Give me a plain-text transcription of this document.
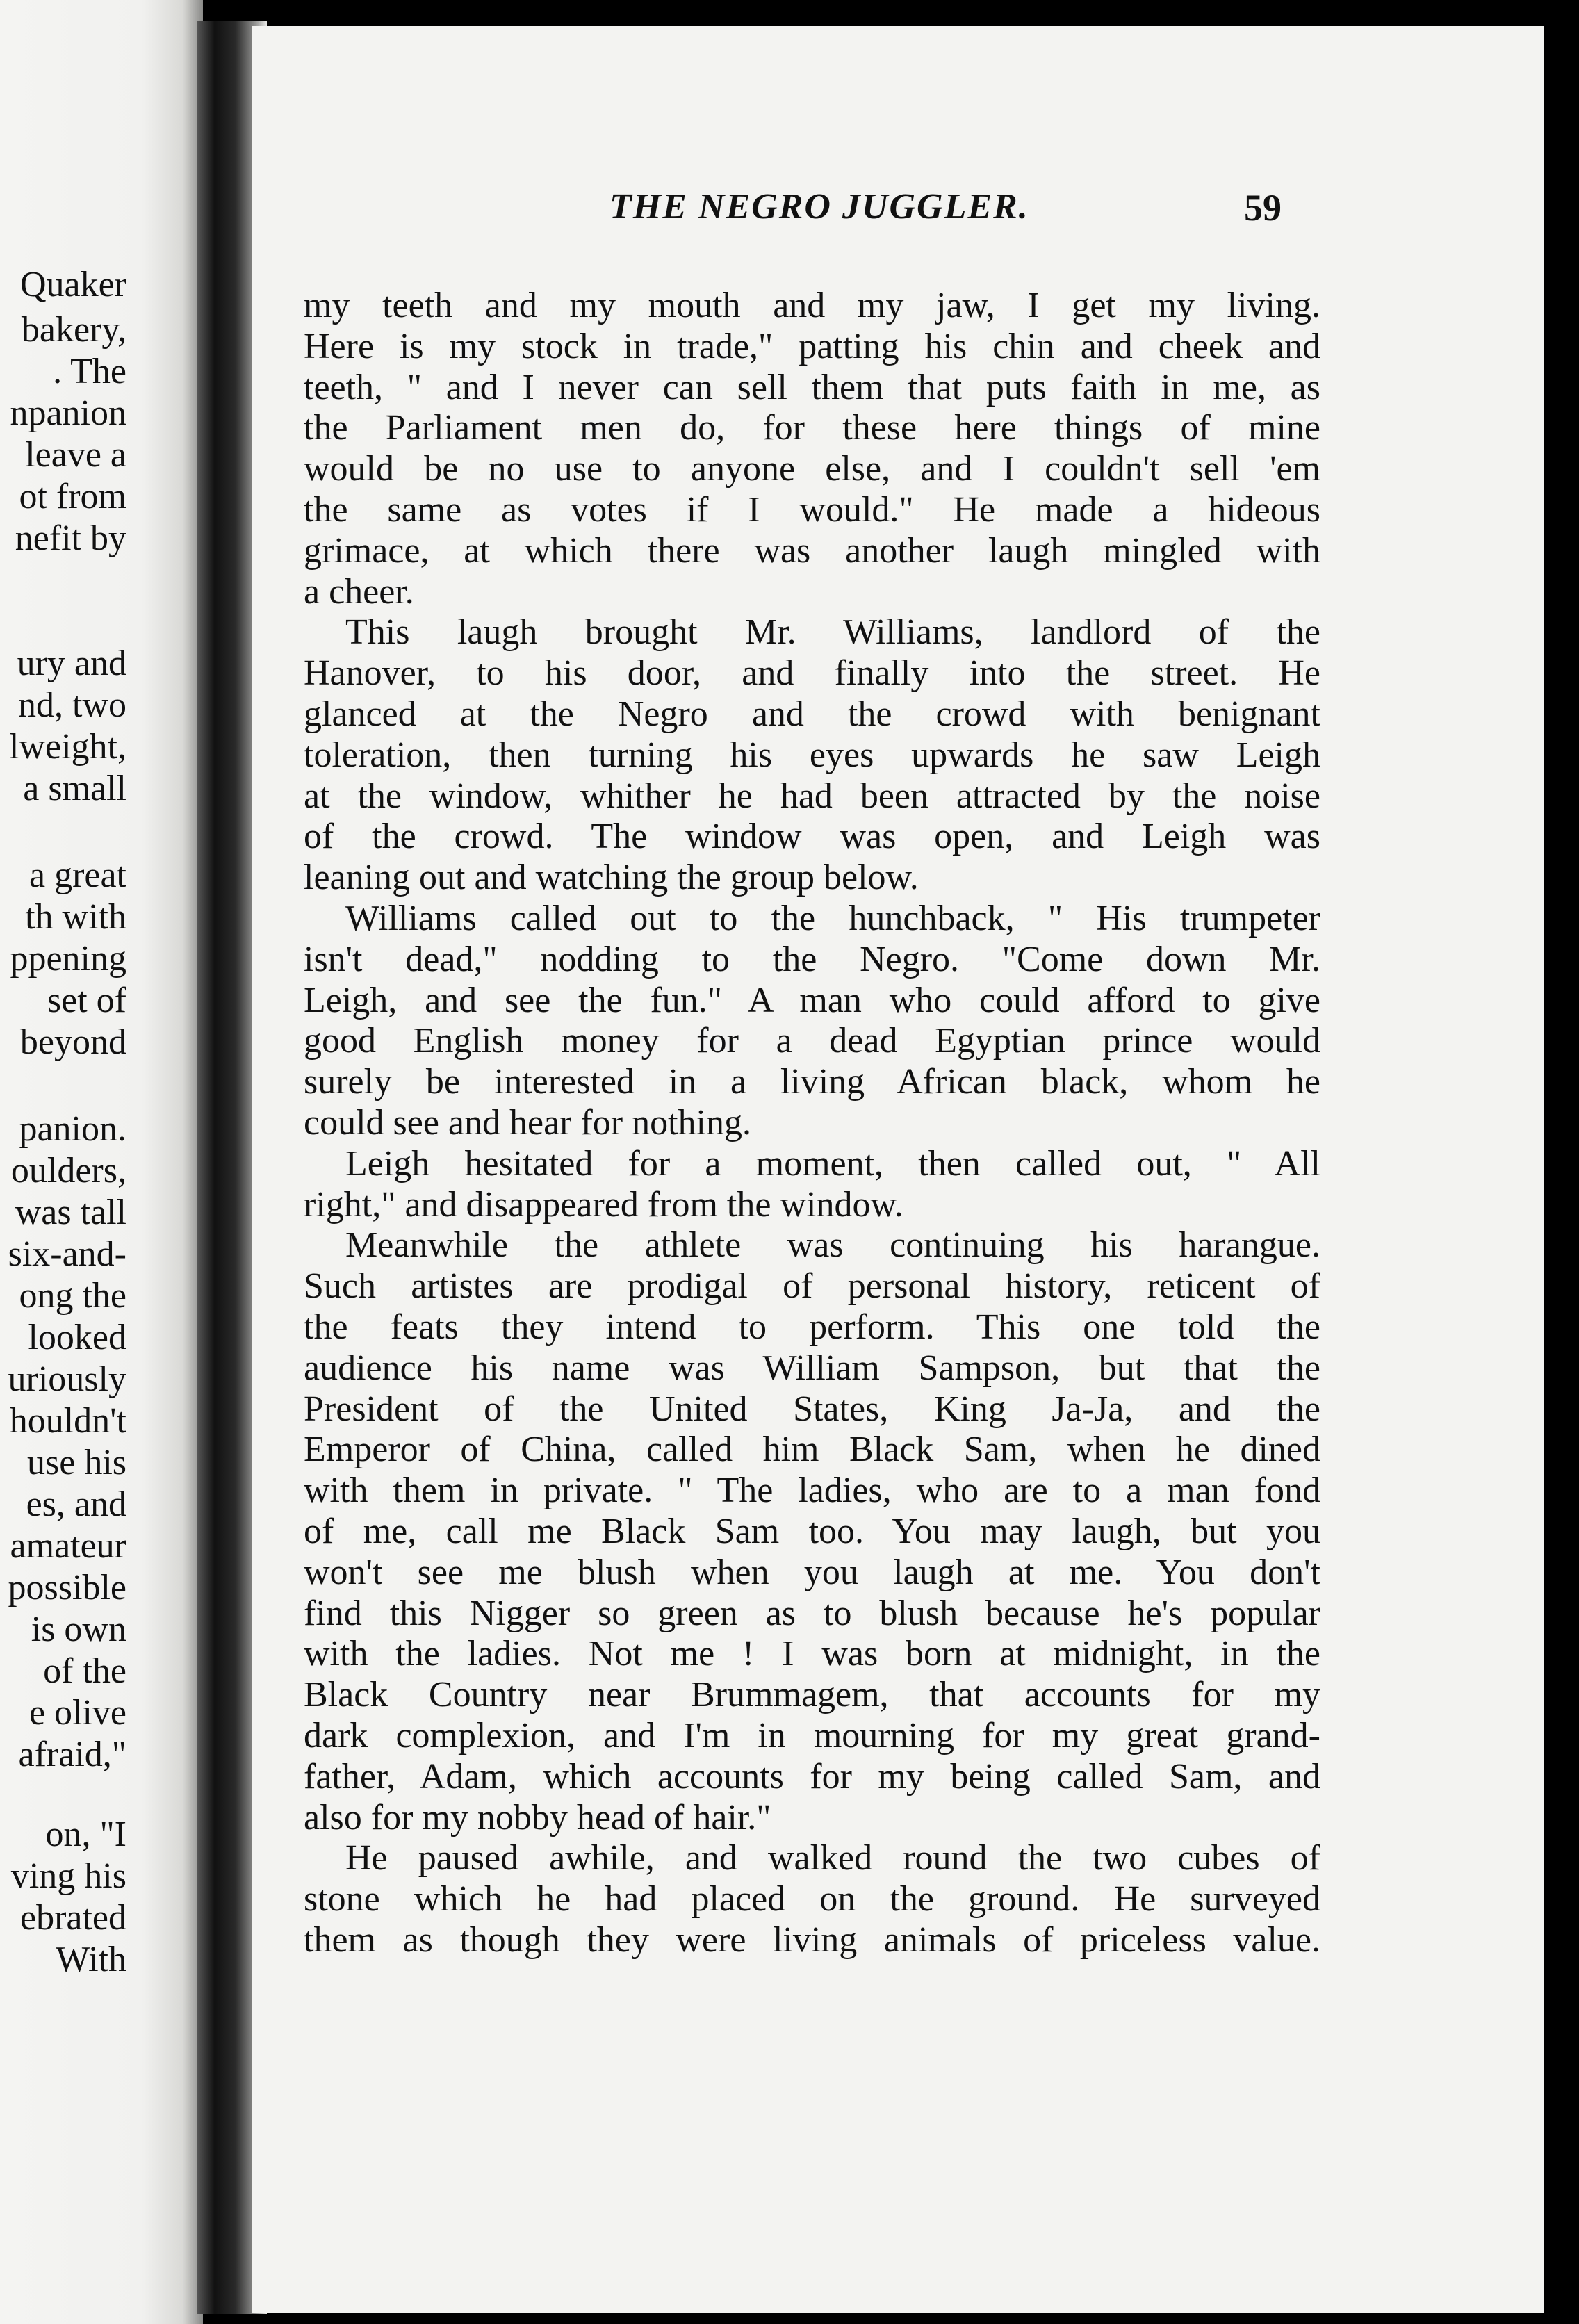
Quaker
bakery,
. The
npanion
leave a
ot from
nefit by
ury and
nd, two
lweight,
a small
a great
th with
ppening
set of
beyond
panion.
oulders,
was tall
six-and-
ong the
looked
uriously
houldn't
use his
es, and
amateur
possible
is own
of the
e olive
afraid,"
on, "I
ving his
ebrated
With
THE NEGRO JUGGLER.	59
my teeth and my mouth and my jaw, I get my living.
Here is my stock in trade," patting his chin and cheek and
teeth, " and I never can sell them that puts faith in me, as
the Parliament men do, for these here things of mine
would be no use to anyone else, and I couldn't sell 'em
the same as votes if I would." He made a hideous
grimace, at which there was another laugh mingled with
a cheer.
This laugh brought Mr. Williams, landlord of the
Hanover, to his door, and finally into the street. He
glanced at the Negro and the crowd with benignant
toleration, then turning his eyes upwards he saw Leigh
at the window, whither he had been attracted by the noise
of the crowd. The window was open, and Leigh was
leaning out and watching the group below.
Williams called out to the hunchback, " His trumpeter
isn't dead," nodding to the Negro. "Come down Mr.
Leigh, and see the fun." A man who could afford to give
good English money for a dead Egyptian prince would
surely be interested in a living African black, whom he
could see and hear for nothing.
Leigh hesitated for a moment, then called out, " All
right," and disappeared from the window.
Meanwhile the athlete was continuing his harangue.
Such artistes are prodigal of personal history, reticent of
the feats they intend to perform. This one told the
audience his name was William Sampson, but that the
President of the United States, King Ja-Ja, and the
Emperor of China, called him Black Sam, when he dined
with them in private. " The ladies, who are to a man fond
of me, call me Black Sam too. You may laugh, but you
won't see me blush when you laugh at me. You don't
find this Nigger so green as to blush because he's popular
with the ladies. Not me ! I was born at midnight, in the
Black Country near Brummagem, that accounts for my
dark complexion, and I'm in mourning for my great grand-
father, Adam, which accounts for my being called Sam, and
also for my nobby head of hair."
He paused awhile, and walked round the two cubes of
stone which he had placed on the ground. He surveyed
them as though they were living animals of priceless value.
